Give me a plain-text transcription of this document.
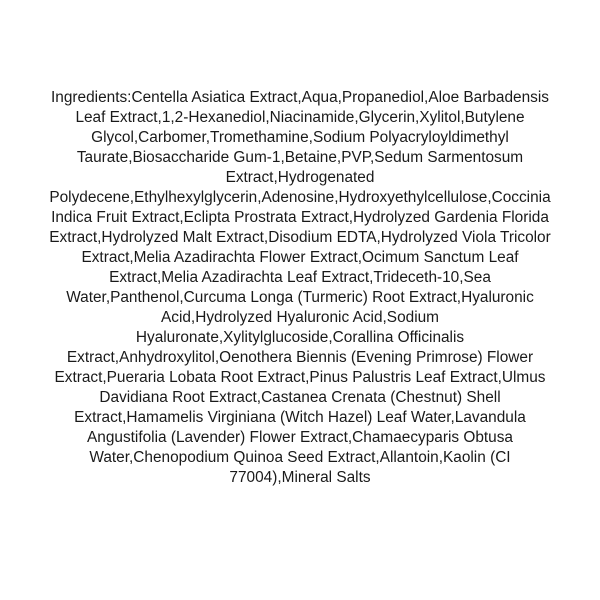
Ingredients:Centella Asiatica Extract,Aqua,Propanediol,Aloe Barbadensis
Leaf Extract,1,2-Hexanediol,Niacinamide,Glycerin,Xylitol,Butylene
Glycol,Carbomer,Tromethamine,Sodium Polyacryloyldimethyl
Taurate,Biosaccharide Gum-1,Betaine,PVP,Sedum Sarmentosum
Extract,Hydrogenated
Polydecene,Ethylhexylglycerin,Adenosine,Hydroxyethylcellulose,Coccinia
Indica Fruit Extract,Eclipta Prostrata Extract,Hydrolyzed Gardenia Florida
Extract,Hydrolyzed Malt Extract,Disodium EDTA,Hydrolyzed Viola Tricolor
Extract,Melia Azadirachta Flower Extract,Ocimum Sanctum Leaf
Extract,Melia Azadirachta Leaf Extract,Trideceth-10,Sea
Water,Panthenol,Curcuma Longa (Turmeric) Root Extract,Hyaluronic
Acid,Hydrolyzed Hyaluronic Acid,Sodium
Hyaluronate,Xylitylglucoside,Corallina Officinalis
Extract,Anhydroxylitol,Oenothera Biennis (Evening Primrose) Flower
Extract,Pueraria Lobata Root Extract,Pinus Palustris Leaf Extract,Ulmus
Davidiana Root Extract,Castanea Crenata (Chestnut) Shell
Extract,Hamamelis Virginiana (Witch Hazel) Leaf Water,Lavandula
Angustifolia (Lavender) Flower Extract,Chamaecyparis Obtusa
Water,Chenopodium Quinoa Seed Extract,Allantoin,Kaolin (CI
77004),Mineral Salts
